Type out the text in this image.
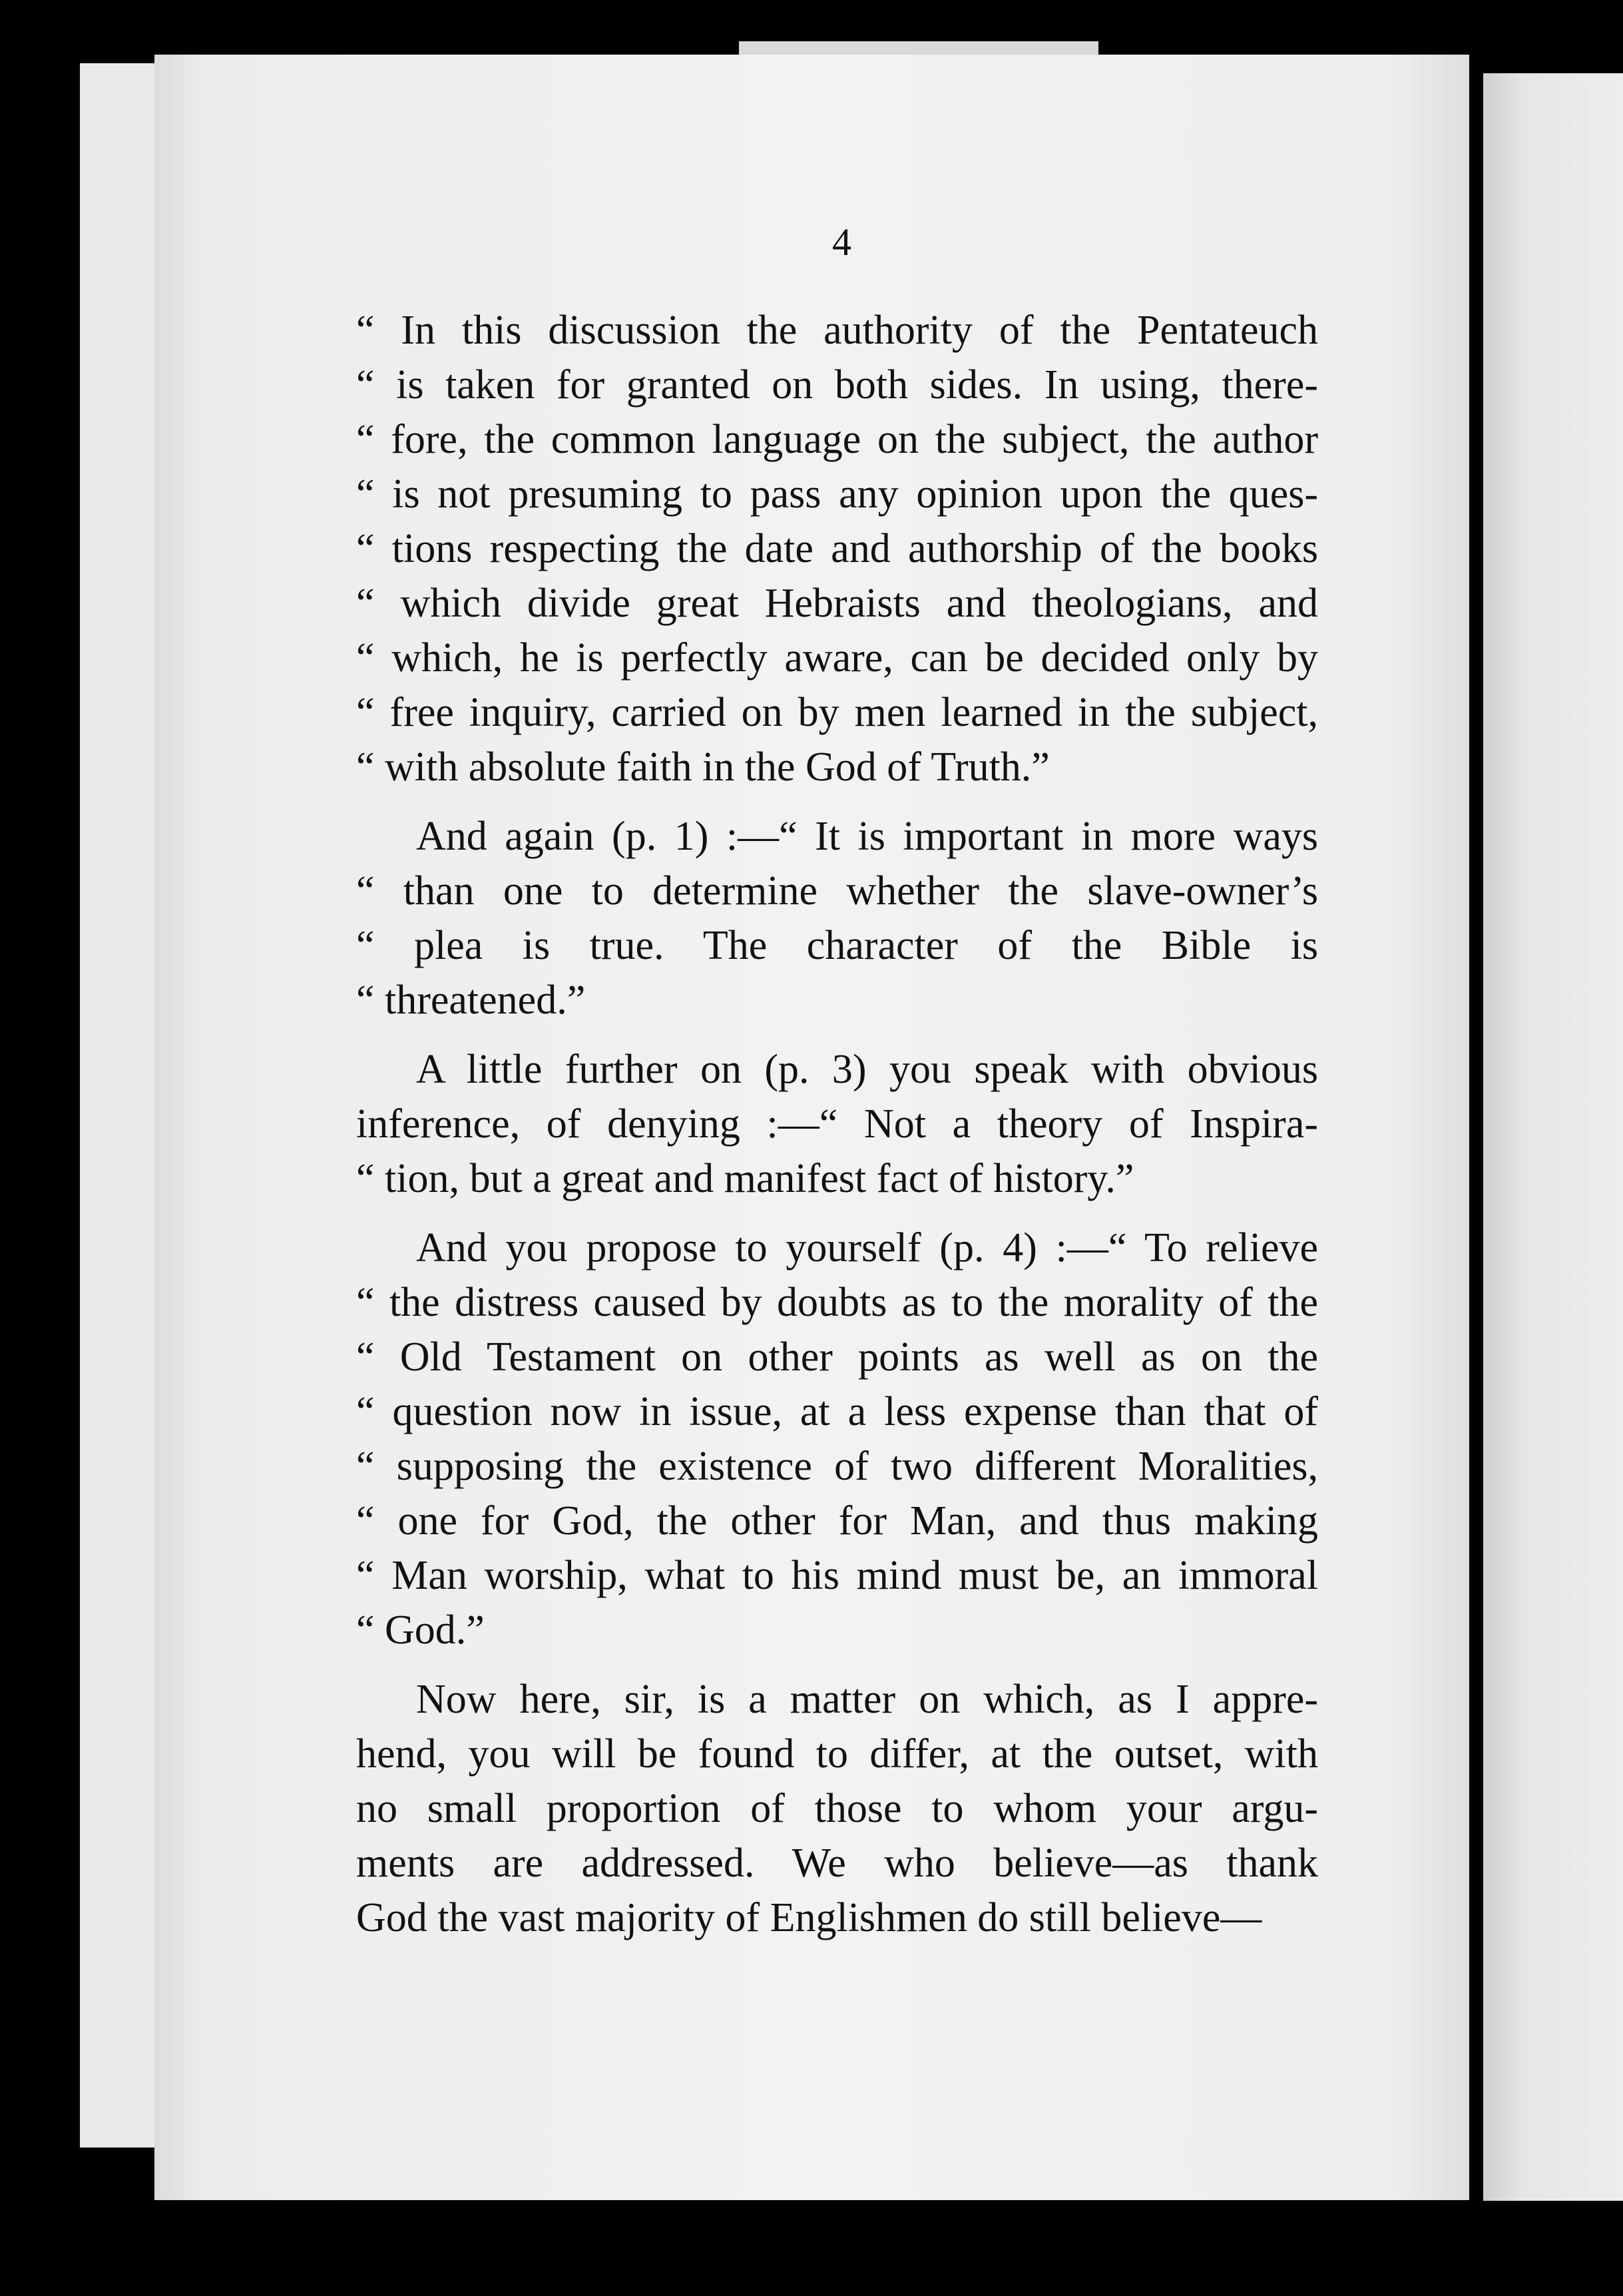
4
“ In this discussion the authority of the Pentateuch
“ is taken for granted on both sides. In using, there-
“ fore, the common language on the subject, the author
“ is not presuming to pass any opinion upon the ques-
“ tions respecting the date and authorship of the books
“ which divide great Hebraists and theologians, and
“ which, he is perfectly aware, can be decided only by
“ free inquiry, carried on by men learned in the subject,
“ with absolute faith in the God of Truth.”
And again (p. 1) :—“ It is important in more ways
“ than one to determine whether the slave-owner’s
“ plea is true. The character of the Bible is
“ threatened.”
A little further on (p. 3) you speak with obvious
inference, of denying :—“ Not a theory of Inspira-
“ tion, but a great and manifest fact of history.”
And you propose to yourself (p. 4) :—“ To relieve
“ the distress caused by doubts as to the morality of the
“ Old Testament on other points as well as on the
“ question now in issue, at a less expense than that of
“ supposing the existence of two different Moralities,
“ one for God, the other for Man, and thus making
“ Man worship, what to his mind must be, an immoral
“ God.”
Now here, sir, is a matter on which, as I appre-
hend, you will be found to differ, at the outset, with
no small proportion of those to whom your argu-
ments are addressed. We who believe—as thank
God the vast majority of Englishmen do still believe—
